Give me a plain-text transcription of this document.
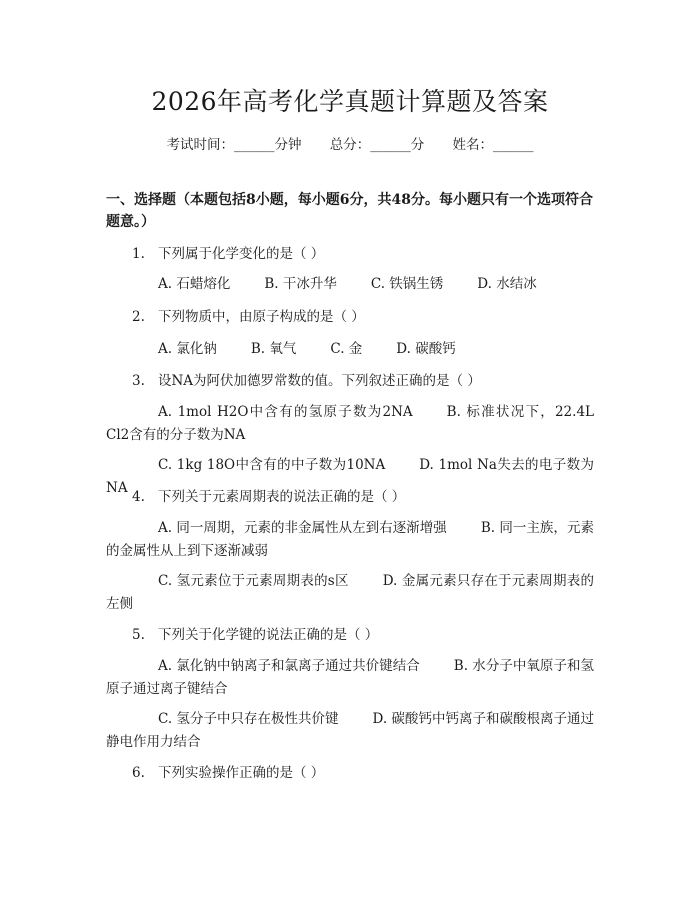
2026年高考化学真题计算题及答案
考试时间：______分钟 总分：______分 姓名：______
一、选择题（本题包括8小题，每小题6分，共48分。每小题只有一个选项符合题意。）
1. 下列属于化学变化的是（ ）
A. 石蜡熔化	B. 干冰升华	C. 铁锅生锈	D. 水结冰
2. 下列物质中，由原子构成的是（ ）
A. 氯化钠	B. 氧气	C. 金	D. 碳酸钙
3. 设NA为阿伏加德罗常数的值。下列叙述正确的是（ ）
A. 1mol H2O中含有的氢原子数为2NA	B. 标准状况下，22.4L Cl2含有的分子数为NA
C. 1kg 18O中含有的中子数为10NA	D. 1mol Na失去的电子数为NA
4. 下列关于元素周期表的说法正确的是（ ）
A. 同一周期，元素的非金属性从左到右逐渐增强	B. 同一主族，元素的金属性从上到下逐渐减弱
C. 氢元素位于元素周期表的s区	D. 金属元素只存在于元素周期表的左侧
5. 下列关于化学键的说法正确的是（ ）
A. 氯化钠中钠离子和氯离子通过共价键结合	B. 水分子中氧原子和氢原子通过离子键结合
C. 氢分子中只存在极性共价键	D. 碳酸钙中钙离子和碳酸根离子通过静电作用力结合
6. 下列实验操作正确的是（ ）
